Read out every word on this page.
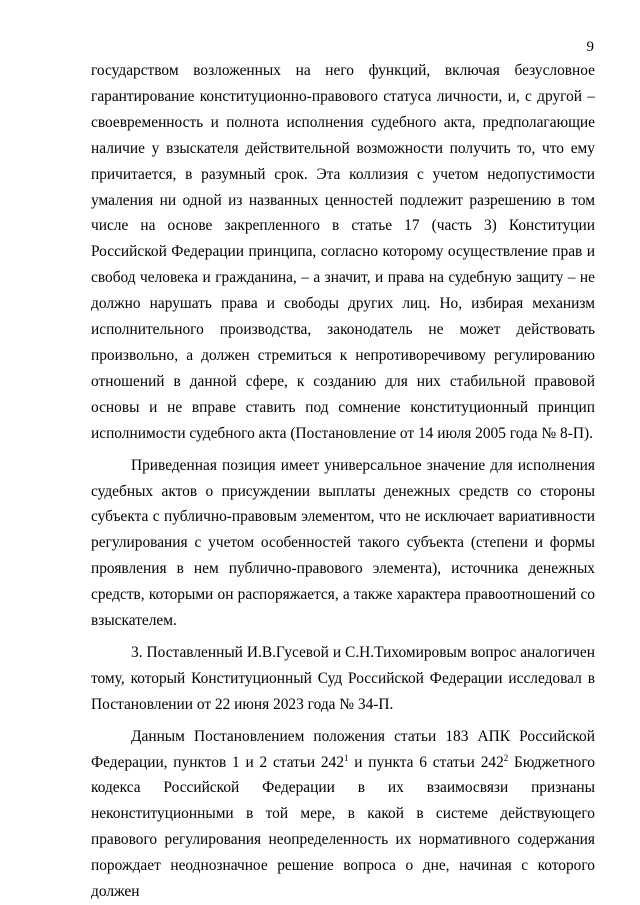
9

государством возложенных на него функций, включая безусловное гарантирование конституционно-правового статуса личности, и, с другой – своевременность и полнота исполнения судебного акта, предполагающие наличие у взыскателя действительной возможности получить то, что ему причитается, в разумный срок. Эта коллизия с учетом недопустимости умаления ни одной из названных ценностей подлежит разрешению в том числе на основе закрепленного в статье 17 (часть 3) Конституции Российской Федерации принципа, согласно которому осуществление прав и свобод человека и гражданина, – а значит, и права на судебную защиту – не должно нарушать права и свободы других лиц. Но, избирая механизм исполнительного производства, законодатель не может действовать произвольно, а должен стремиться к непротиворечивому регулированию отношений в данной сфере, к созданию для них стабильной правовой основы и не вправе ставить под сомнение конституционный принцип исполнимости судебного акта (Постановление от 14 июля 2005 года № 8-П).

Приведенная позиция имеет универсальное значение для исполнения судебных актов о присуждении выплаты денежных средств со стороны субъекта с публично-правовым элементом, что не исключает вариативности регулирования с учетом особенностей такого субъекта (степени и формы проявления в нем публично-правового элемента), источника денежных средств, которыми он распоряжается, а также характера правоотношений со взыскателем.

3. Поставленный И.В.Гусевой и С.Н.Тихомировым вопрос аналогичен тому, который Конституционный Суд Российской Федерации исследовал в Постановлении от 22 июня 2023 года № 34-П.

Данным Постановлением положения статьи 183 АПК Российской Федерации, пунктов 1 и 2 статьи $242^1$ и пункта 6 статьи $242^2$ Бюджетного кодекса Российской Федерации в их взаимосвязи признаны неконституционными в той мере, в какой в системе действующего правового регулирования неопределенность их нормативного содержания порождает неоднозначное решение вопроса о дне, начиная с которого должен
